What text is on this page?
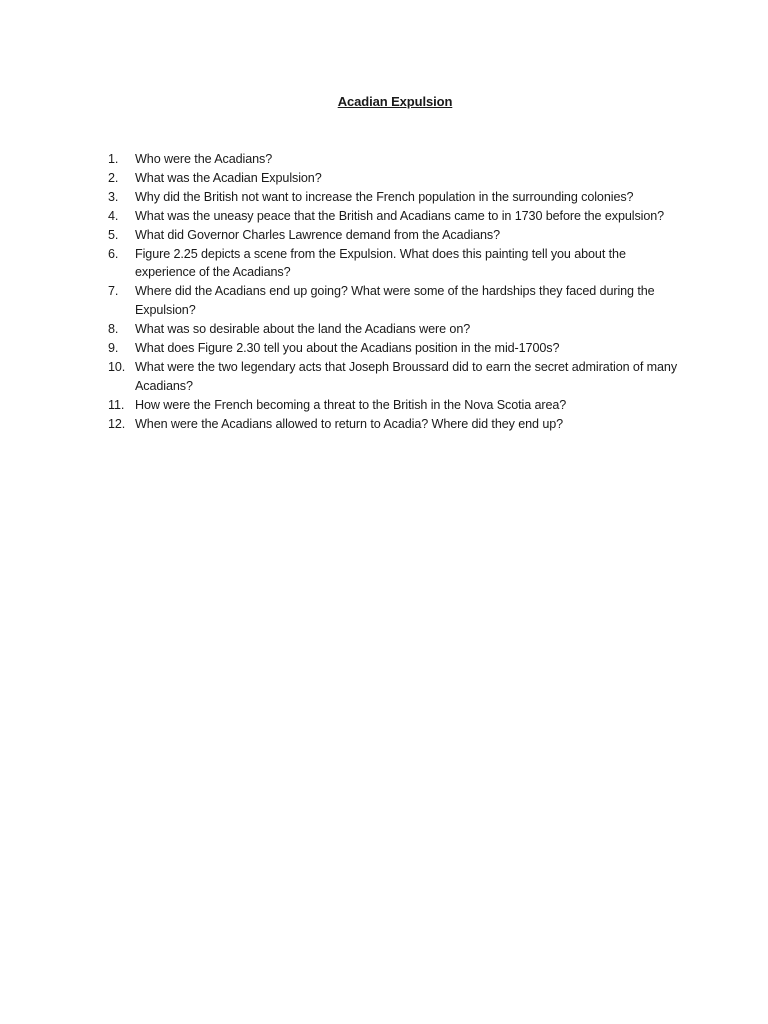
Acadian Expulsion
1.	Who were the Acadians?
2.	What was the Acadian Expulsion?
3.	Why did the British not want to increase the French population in the surrounding colonies?
4.	What was the uneasy peace that the British and Acadians came to in 1730 before the expulsion?
5.	What did Governor Charles Lawrence demand from the Acadians?
6.	Figure 2.25 depicts a scene from the Expulsion. What does this painting tell you about the experience of the Acadians?
7.	Where did the Acadians end up going? What were some of the hardships they faced during the Expulsion?
8.	What was so desirable about the land the Acadians were on?
9.	What does Figure 2.30 tell you about the Acadians position in the mid-1700s?
10. What were the two legendary acts that Joseph Broussard did to earn the secret admiration of many Acadians?
11. How were the French becoming a threat to the British in the Nova Scotia area?
12. When were the Acadians allowed to return to Acadia? Where did they end up?
